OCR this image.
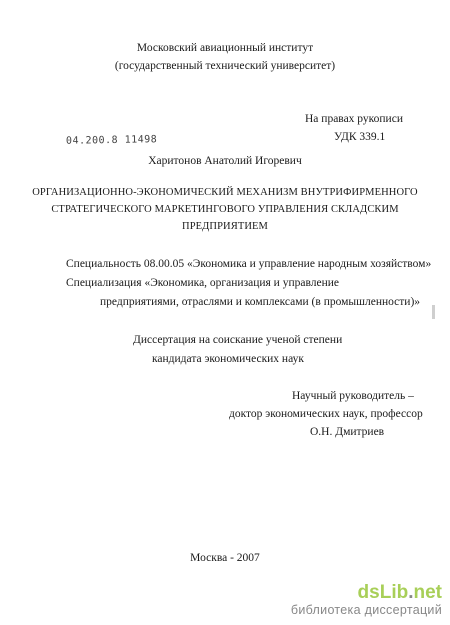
Московский авиационный институт
(государственный технический университет)
На правах рукописи
УДК 339.1
04.200.8 11498
Харитонов Анатолий Игоревич
ОРГАНИЗАЦИОННО-ЭКОНОМИЧЕСКИЙ МЕХАНИЗМ ВНУТРИФИРМЕННОГО
СТРАТЕГИЧЕСКОГО МАРКЕТИНГОВОГО УПРАВЛЕНИЯ СКЛАДСКИМ
ПРЕДПРИЯТИЕМ
Специальность 08.00.05 «Экономика и управление народным хозяйством»
Специализация «Экономика, организация и управление
предприятиями, отраслями и комплексами (в промышленности)»
Диссертация на соискание ученой степени
кандидата экономических наук
Научный руководитель –
доктор экономических наук, профессор
О.Н. Дмитриев
Москва - 2007
dsLib.net
библиотека диссертаций
